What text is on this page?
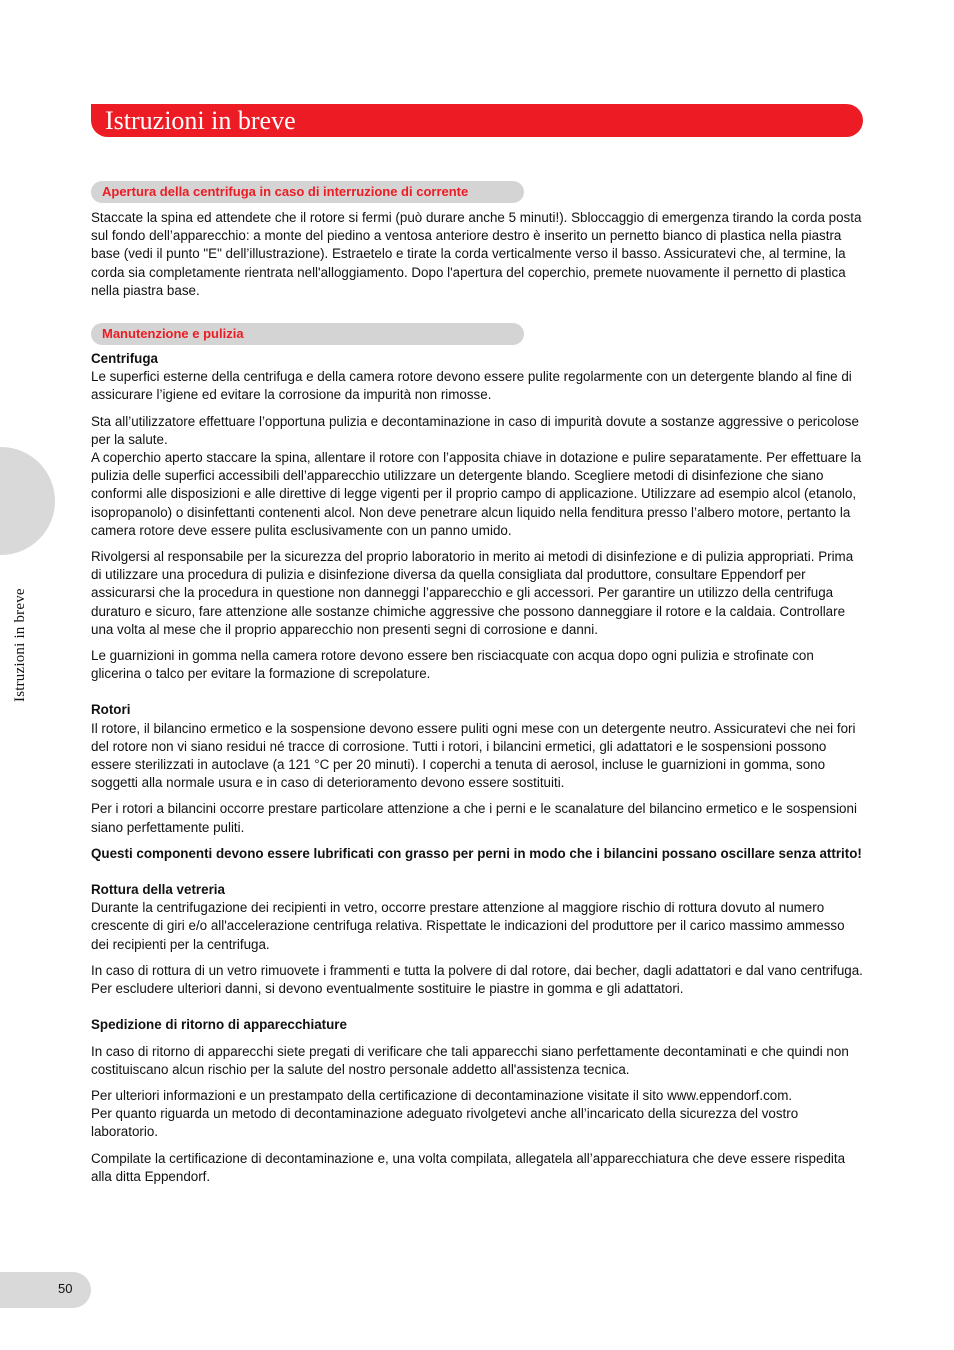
Istruzioni in breve
Istruzioni in breve
Apertura della centrifuga in caso di interruzione di corrente

Staccate la spina ed attendete che il rotore si fermi (può durare anche 5 minuti!). Sbloccaggio di emergenza tirando la corda posta sul fondo dell’apparecchio: a monte del piedino a ventosa anteriore destro è inserito un pernetto bianco di plastica nella piastra base (vedi il punto "E" dell’illustrazione). Estraetelo e tirate la corda verticalmente verso il basso. Assicuratevi che, al termine, la corda sia completamente rientrata nell'alloggiamento. Dopo l'apertura del coperchio, premete nuovamente il pernetto di plastica nella piastra base.

Manutenzione e pulizia

Centrifuga

Le superfici esterne della centrifuga e della camera rotore devono essere pulite regolarmente con un detergente blando al fine di assicurare l’igiene ed evitare la corrosione da impurità non rimosse.

Sta all’utilizzatore effettuare l’opportuna pulizia e decontaminazione in caso di impurità dovute a sostanze aggressive o pericolose per la salute.

A coperchio aperto staccare la spina, allentare il rotore con l’apposita chiave in dotazione e pulire separatamente. Per effettuare la pulizia delle superfici accessibili dell’apparecchio utilizzare un detergente blando. Scegliere metodi di disinfezione che siano conformi alle disposizioni e alle direttive di legge vigenti per il proprio campo di applicazione. Utilizzare ad esempio alcol (etanolo, isopropanolo) o disinfettanti contenenti alcol. Non deve penetrare alcun liquido nella fenditura presso l’albero motore, pertanto la camera rotore deve essere pulita esclusivamente con un panno umido.

Rivolgersi al responsabile per la sicurezza del proprio laboratorio in merito ai metodi di disinfezione e di pulizia appropriati. Prima di utilizzare una procedura di pulizia e disinfezione diversa da quella consigliata dal produttore, consultare Eppendorf per assicurarsi che la procedura in questione non danneggi l’apparecchio e gli accessori. Per garantire un utilizzo della centrifuga duraturo e sicuro, fare attenzione alle sostanze chimiche aggressive che possono danneggiare il rotore e la caldaia. Controllare una volta al mese che il proprio apparecchio non presenti segni di corrosione e danni.

Le guarnizioni in gomma nella camera rotore devono essere ben risciacquate con acqua dopo ogni pulizia e strofinate con glicerina o talco per evitare la formazione di screpolature.

Rotori

Il rotore, il bilancino ermetico e la sospensione devono essere puliti ogni mese con un detergente neutro. Assicuratevi che nei fori del rotore non vi siano residui né tracce di corrosione. Tutti i rotori, i bilancini ermetici, gli adattatori e le sospensioni possono essere sterilizzati in autoclave (a 121 °C per 20 minuti). I coperchi a tenuta di aerosol, incluse le guarnizioni in gomma, sono soggetti alla normale usura e in caso di deterioramento devono essere sostituiti.

Per i rotori a bilancini occorre prestare particolare attenzione a che i perni e le scanalature del bilancino ermetico e le sospensioni siano perfettamente puliti.

Questi componenti devono essere lubrificati con grasso per perni in modo che i bilancini possano oscillare senza attrito!

Rottura della vetreria

Durante la centrifugazione dei recipienti in vetro, occorre prestare attenzione al maggiore rischio di rottura dovuto al numero crescente di giri e/o all'accelerazione centrifuga relativa. Rispettate le indicazioni del produttore per il carico massimo ammesso dei recipienti per la centrifuga.

In caso di rottura di un vetro rimuovete i frammenti e tutta la polvere di dal rotore, dai becher, dagli adattatori e dal vano centrifuga.

Per escludere ulteriori danni, si devono eventualmente sostituire le piastre in gomma e gli adattatori.

Spedizione di ritorno di apparecchiature

In caso di ritorno di apparecchi siete pregati di verificare che tali apparecchi siano perfettamente decontaminati e che quindi non costituiscano alcun rischio per la salute del nostro personale addetto all'assistenza tecnica.

Per ulteriori informazioni e un prestampato della certificazione di decontaminazione visitate il sito www.eppendorf.com.

Per quanto riguarda un metodo di decontaminazione adeguato rivolgetevi anche all’incaricato della sicurezza del vostro laboratorio.

Compilate la certificazione di decontaminazione e, una volta compilata, allegatela all’apparecchiatura che deve essere rispedita alla ditta Eppendorf.

50
